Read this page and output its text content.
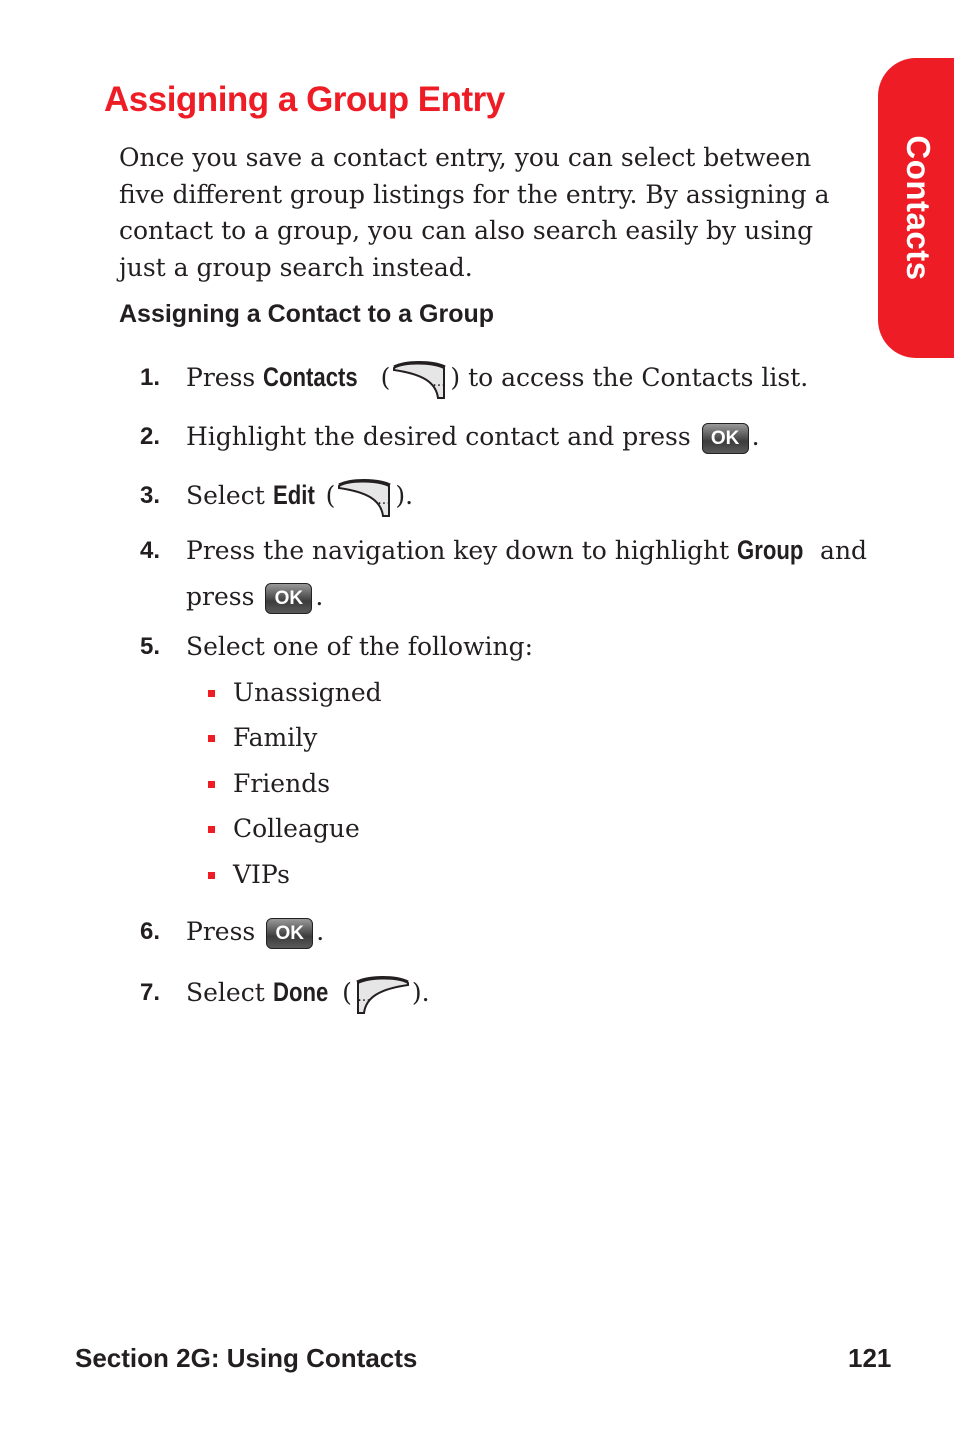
Contacts
Assigning a Group Entry

Once you save a contact entry, you can select between five different group listings for the entry. By assigning a contact to a group, you can also search easily by using just a group search instead.

Assigning a Contact to a Group
1. Press Contacts (	··· ) to access the Contacts list.
2. Highlight the desired contact and press OK .
3. Select Edit (	··· ).
4. Press the navigation key down to highlight Group and
press OK .
5. Select one of the following:
Unassigned
Family
Friends
Colleague
VIPs
6. Press OK .
7. Select Done ( ··· ).
Section 2G: Using Contacts	121
